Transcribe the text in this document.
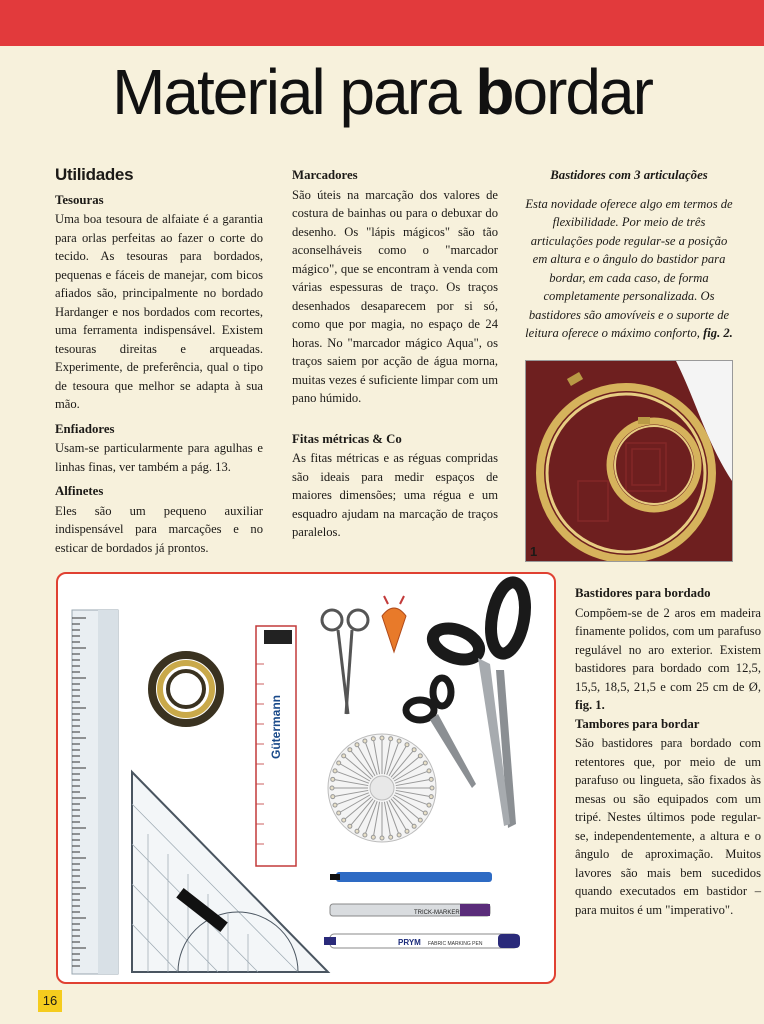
Material para bordar
Utilidades
Tesouras

Uma boa tesoura de alfaiate é a garantia para orlas perfeitas ao fazer o corte do tecido. As tesouras para bordados, pequenas e fáceis de manejar, com bicos afiados são, principalmente no bordado Hardanger e nos bordados com recortes, uma ferramenta indispensável. Existem tesouras direitas e arqueadas. Experimente, de preferência, qual o tipo de tesoura que melhor se adapta à sua mão.

Enfiadores

Usam-se particularmente para agulhas e linhas finas, ver também a pág. 13.

Alfinetes

Eles são um pequeno auxiliar indispensável para marcações e no esticar de bordados já prontos.

Marcadores

São úteis na marcação dos valores de costura de bainhas ou para o debuxar do desenho. Os "lápis mágicos" são tão aconselháveis como o "marcador mágico", que se encontram à venda com várias espessuras de traço. Os traços desenhados desaparecem por si só, como que por magia, no espaço de 24 horas. No "marcador mágico Aqua", os traços saiem por acção de água morna, muitas vezes é suficiente limpar com um pano húmido.

Fitas métricas & Co

As fitas métricas e as réguas compridas são ideais para medir espaços de maiores dimensões; uma régua e um esquadro ajudam na marcação de traços paralelos.

Bastidores com 3 articulações

Esta novidade oferece algo em termos de flexibilidade. Por meio de três articulações pode regular-se a posição em altura e o ângulo do bastidor para bordar, em cada caso, de forma completamente personalizada. Os bastidores são amovíveis e o suporte de leitura oferece o máximo conforto, fig. 2.

1
Gütermann
TRICK-MARKER
PRYM FABRIC MARKING PEN
Bastidores para bordado

Compõem-se de 2 aros em madeira finamente polidos, com um parafuso regulável no aro exterior. Existem bastidores para bordado com 12,5, 15,5, 18,5, 21,5 e com 25 cm de Ø, fig. 1.

Tambores para bordar

São bastidores para bordado com retentores que, por meio de um parafuso ou lingueta, são fixados às mesas ou são equipados com um tripé. Nestes últimos pode regular-se, independentemente, a altura e o ângulo de aproximação. Muitos lavores são mais bem sucedidos quando executados em bastidor – para muitos é um "imperativo".

16
